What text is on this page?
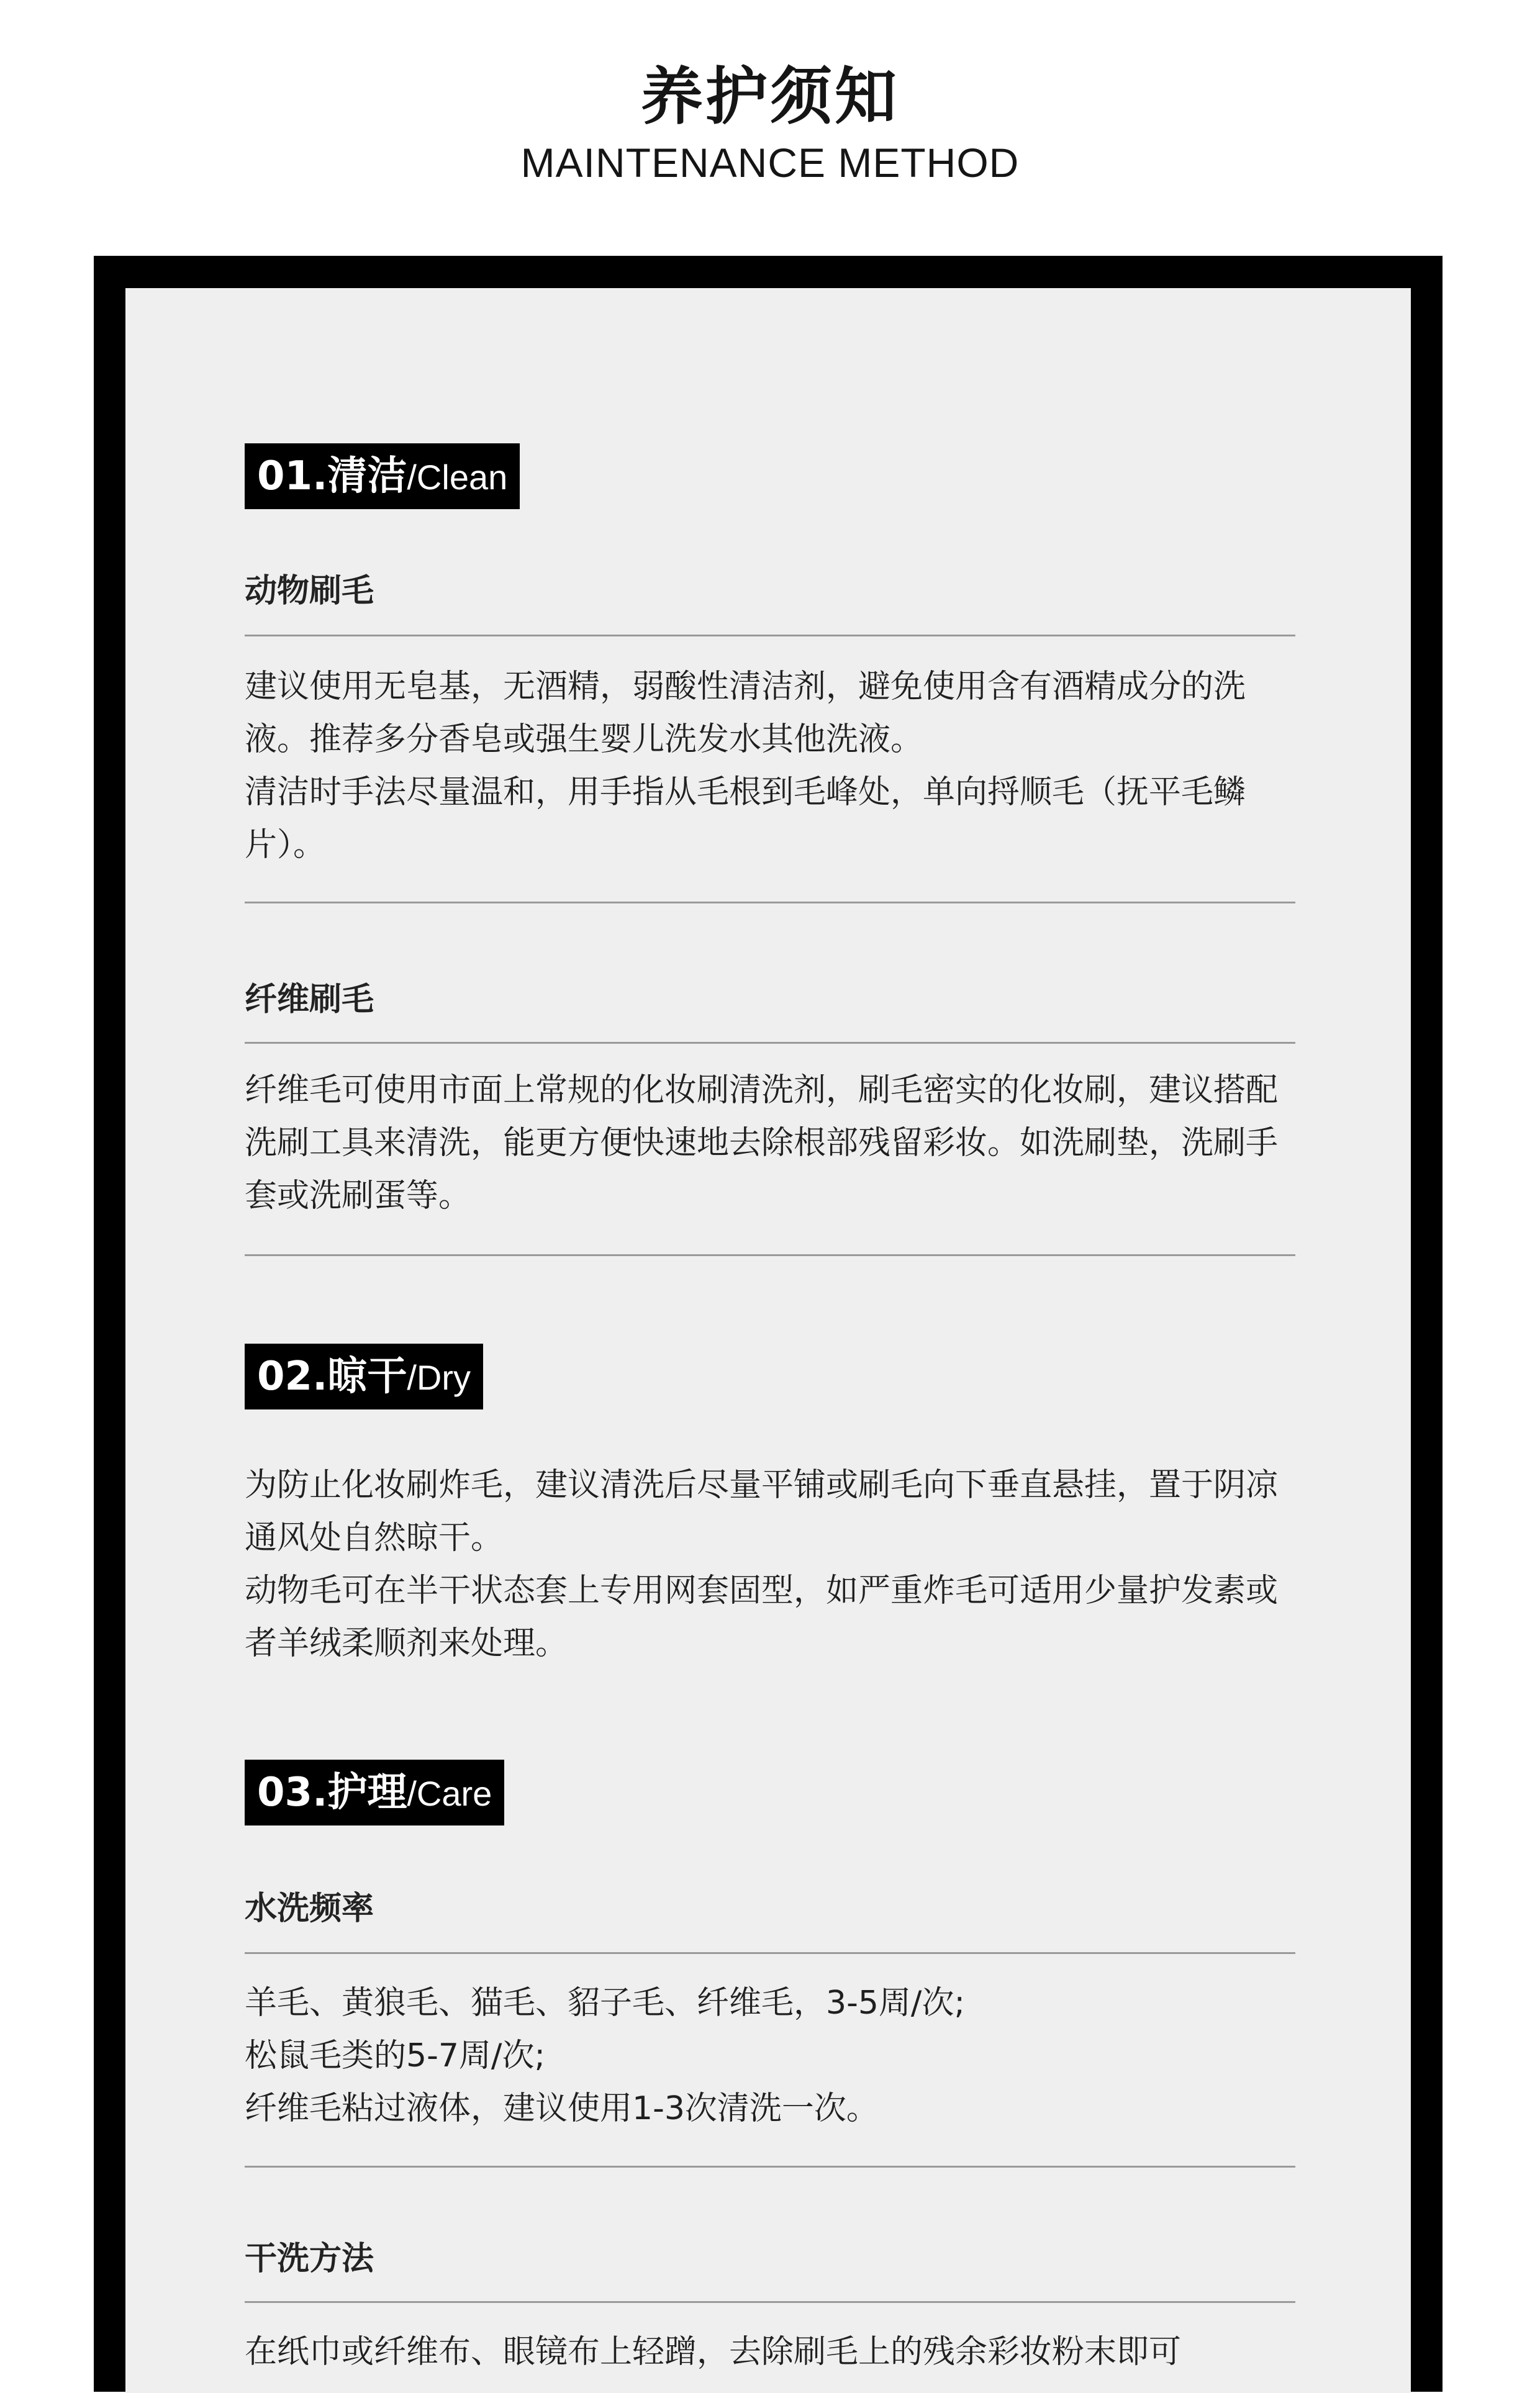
养护须知
MAINTENANCE METHOD
01.清洁/Clean
动物刷毛

建议使用无皂基，无酒精，弱酸性清洁剂，避免使用含有酒精成分的洗液。推荐多分香皂或强生婴儿洗发水其他洗液。

清洁时手法尽量温和，用手指从毛根到毛峰处，单向捋顺毛（抚平毛鳞片）。

纤维刷毛

纤维毛可使用市面上常规的化妆刷清洗剂，刷毛密实的化妆刷，建议搭配洗刷工具来清洗，能更方便快速地去除根部残留彩妆。如洗刷垫，洗刷手套或洗刷蛋等。

02.晾干/Dry

为防止化妆刷炸毛，建议清洗后尽量平铺或刷毛向下垂直悬挂，置于阴凉通风处自然晾干。

动物毛可在半干状态套上专用网套固型，如严重炸毛可适用少量护发素或者羊绒柔顺剂来处理。

03.护理/Care
水洗频率

羊毛、黄狼毛、猫毛、貂子毛、纤维毛，3-5周/次;

松鼠毛类的5-7周/次;

纤维毛粘过液体，建议使用1-3次清洗一次。

干洗方法

在纸巾或纤维布、眼镜布上轻蹭，去除刷毛上的残余彩妆粉末即可
